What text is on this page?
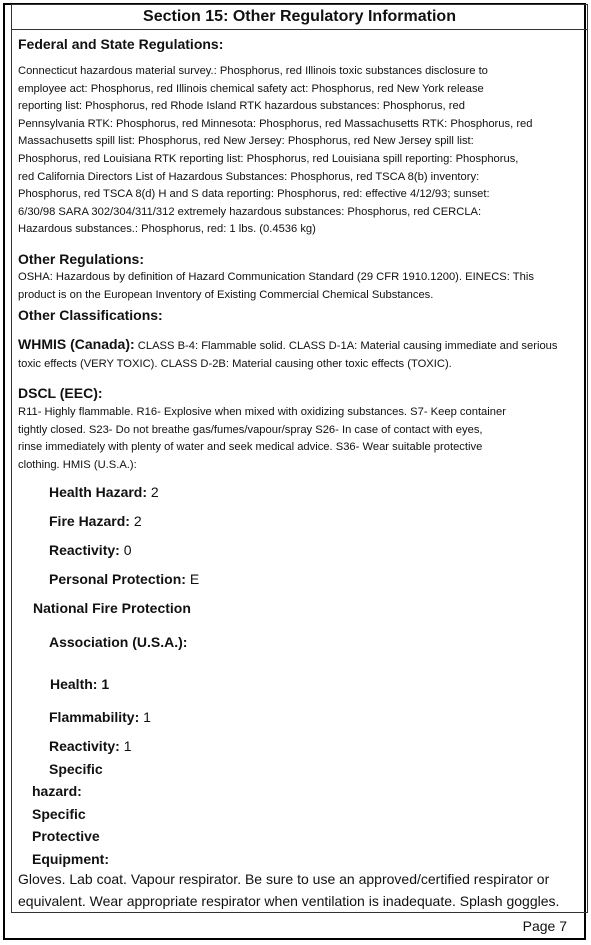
Section 15: Other Regulatory Information
Federal and State Regulations:
Connecticut hazardous material survey.: Phosphorus, red Illinois toxic substances disclosure to
employee act: Phosphorus, red Illinois chemical safety act: Phosphorus, red New York release
reporting list: Phosphorus, red Rhode Island RTK hazardous substances: Phosphorus, red
Pennsylvania RTK: Phosphorus, red Minnesota: Phosphorus, red Massachusetts RTK: Phosphorus, red
Massachusetts spill list: Phosphorus, red New Jersey: Phosphorus, red New Jersey spill list:
Phosphorus, red Louisiana RTK reporting list: Phosphorus, red Louisiana spill reporting: Phosphorus,
red California Directors List of Hazardous Substances: Phosphorus, red TSCA 8(b) inventory:
Phosphorus, red TSCA 8(d) H and S data reporting: Phosphorus, red: effective 4/12/93; sunset:
6/30/98 SARA 302/304/311/312 extremely hazardous substances: Phosphorus, red CERCLA:
Hazardous substances.: Phosphorus, red: 1 lbs. (0.4536 kg)
Other Regulations:
OSHA: Hazardous by definition of Hazard Communication Standard (29 CFR 1910.1200). EINECS: This
product is on the European Inventory of Existing Commercial Chemical Substances.
Other Classifications:
WHMIS (Canada): CLASS B-4: Flammable solid. CLASS D-1A: Material causing immediate and serious
toxic effects (VERY TOXIC). CLASS D-2B: Material causing other toxic effects (TOXIC).
DSCL (EEC):
R11- Highly flammable. R16- Explosive when mixed with oxidizing substances. S7- Keep container
tightly closed. S23- Do not breathe gas/fumes/vapour/spray S26- In case of contact with eyes,
rinse immediately with plenty of water and seek medical advice. S36- Wear suitable protective
clothing. HMIS (U.S.A.):
Health Hazard: 2
Fire Hazard: 2
Reactivity: 0
Personal Protection: E
National Fire Protection
Association (U.S.A.):
Health: 1
Flammability: 1
Reactivity: 1
Specific
hazard:
Specific
Protective
Equipment:
Gloves. Lab coat. Vapour respirator. Be sure to use an approved/certified respirator or
equivalent. Wear appropriate respirator when ventilation is inadequate. Splash goggles.
Page 7
